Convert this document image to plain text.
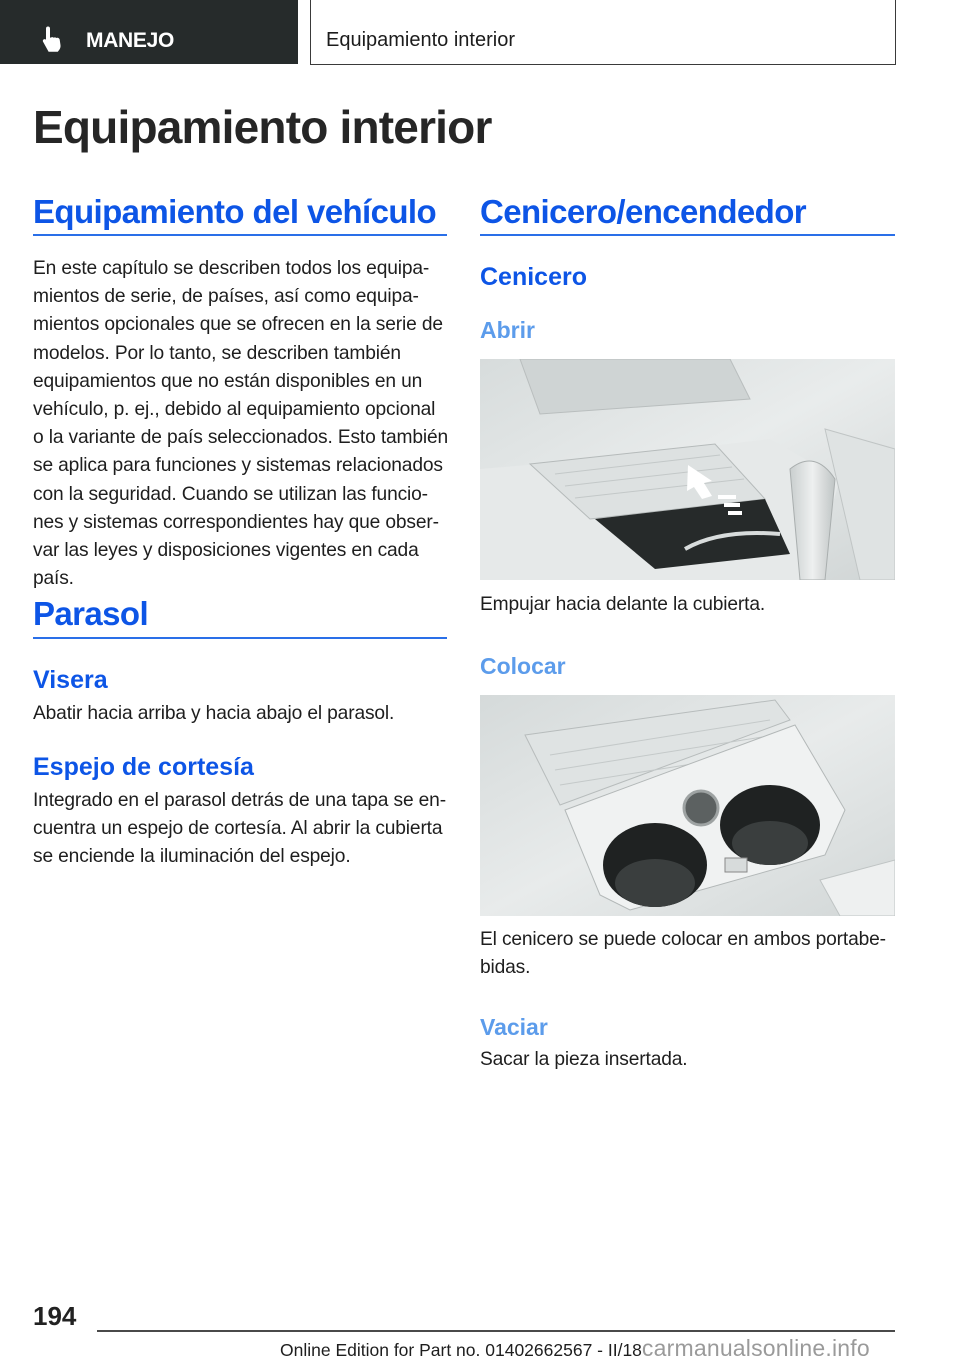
MANEJO	Equipamiento interior
Equipamiento interior
Equipamiento del vehículo
En este capítulo se describen todos los equipa-
mientos de serie, de países, así como equipa-
mientos opcionales que se ofrecen en la serie de
modelos. Por lo tanto, se describen también
equipamientos que no están disponibles en un
vehículo, p. ej., debido al equipamiento opcional
o la variante de país seleccionados. Esto también
se aplica para funciones y sistemas relacionados
con la seguridad. Cuando se utilizan las funcio-
nes y sistemas correspondientes hay que obser-
var las leyes y disposiciones vigentes en cada
país.
Parasol
Visera
Abatir hacia arriba y hacia abajo el parasol.
Espejo de cortesía
Integrado en el parasol detrás de una tapa se en-
cuentra un espejo de cortesía. Al abrir la cubierta
se enciende la iluminación del espejo.
Cenicero/encendedor
Cenicero
Abrir
Empujar hacia delante la cubierta.
Colocar
El cenicero se puede colocar en ambos portabe-
bidas.
Vaciar
Sacar la pieza insertada.
194
Online Edition for Part no. 01402662567 - II/18carmanualsonline.info
